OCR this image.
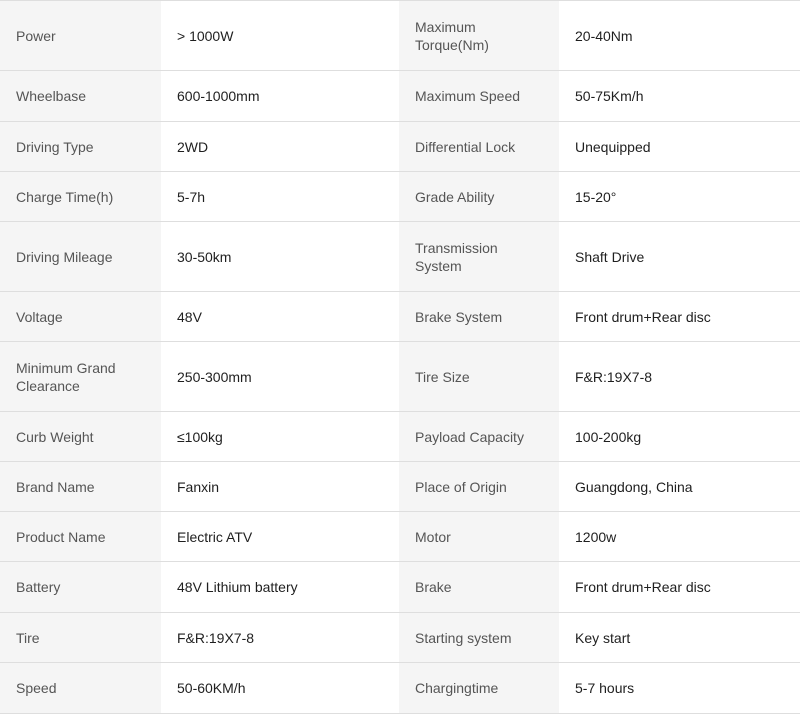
Power	> 1000W	Maximum Torque(Nm)	20-40Nm
Wheelbase	600-1000mm	Maximum Speed	50-75Km/h
Driving Type	2WD	Differential Lock	Unequipped
Charge Time(h)	5-7h	Grade Ability	15-20°
Driving Mileage	30-50km	Transmission System	Shaft Drive
Voltage	48V	Brake System	Front drum+Rear disc
Minimum Grand Clearance	250-300mm	Tire Size	F&R:19X7-8
Curb Weight	≤100kg	Payload Capacity	100-200kg
Brand Name	Fanxin	Place of Origin	Guangdong, China
Product Name	Electric ATV	Motor	1200w
Battery	48V Lithium battery	Brake	Front drum+Rear disc
Tire	F&R:19X7-8	Starting system	Key start
Speed	50-60KM/h	Chargingtime	5-7 hours
